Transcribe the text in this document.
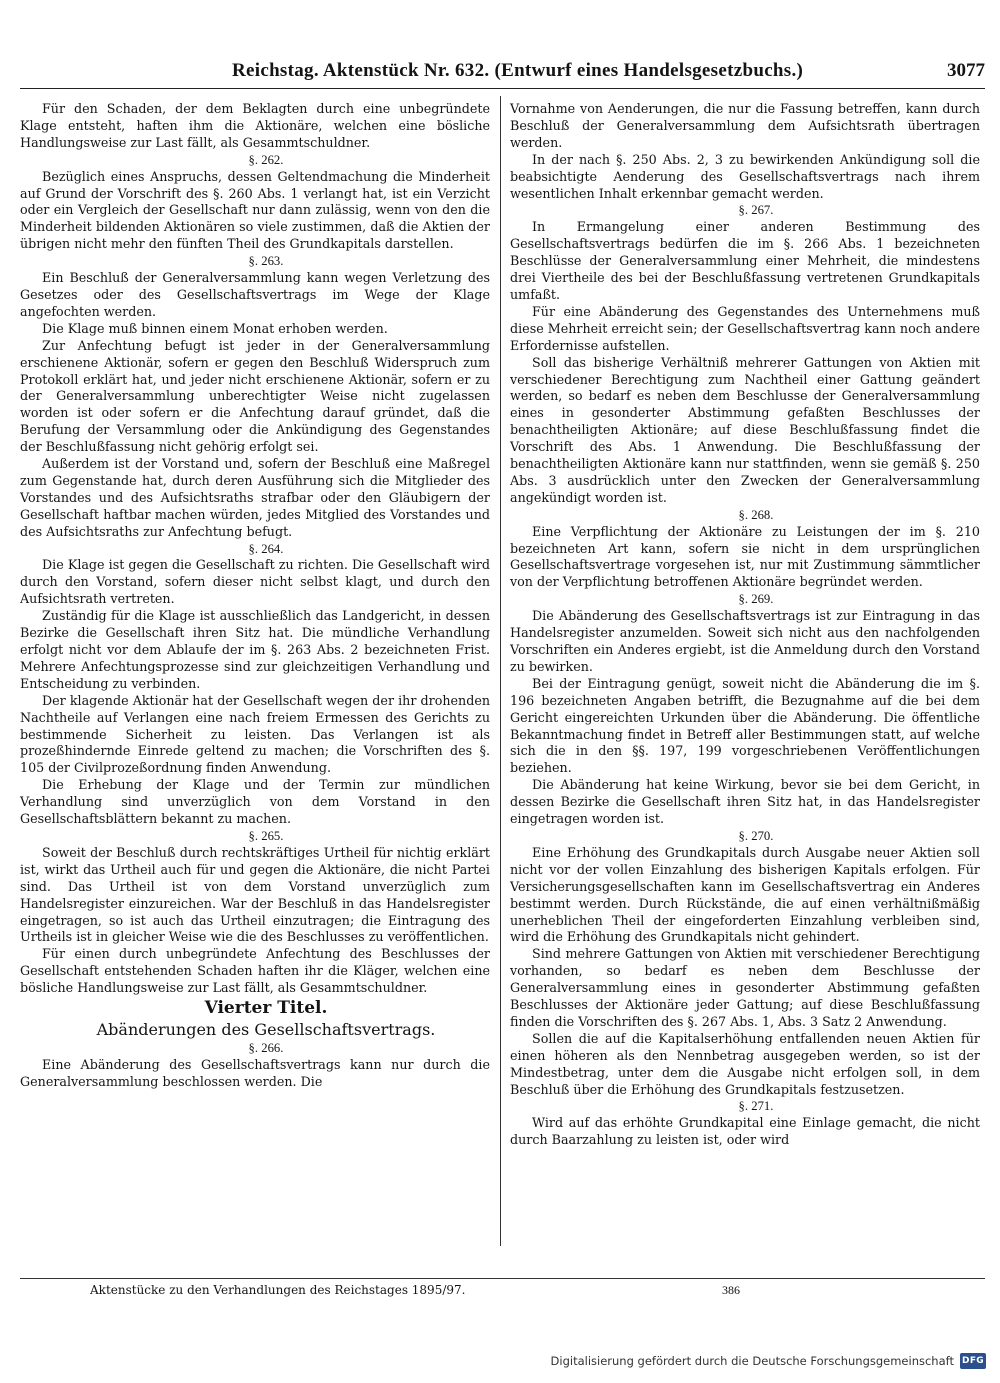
Reichstag. Aktenstück Nr. 632. (Entwurf eines Handelsgesetzbuchs.)	3077

Für den Schaden, der dem Beklagten durch eine unbegründete Klage entsteht, haften ihm die Aktionäre, welchen eine bösliche Handlungsweise zur Last fällt, als Gesammtschuldner.

§. 262.

Bezüglich eines Anspruchs, dessen Geltendmachung die Minderheit auf Grund der Vorschrift des §. 260 Abs. 1 verlangt hat, ist ein Verzicht oder ein Vergleich der Gesellschaft nur dann zulässig, wenn von den die Minderheit bildenden Aktionären so viele zustimmen, daß die Aktien der übrigen nicht mehr den fünften Theil des Grundkapitals darstellen.

§. 263.

Ein Beschluß der Generalversammlung kann wegen Verletzung des Gesetzes oder des Gesellschaftsvertrags im Wege der Klage angefochten werden.

Die Klage muß binnen einem Monat erhoben werden.

Zur Anfechtung befugt ist jeder in der Generalversammlung erschienene Aktionär, sofern er gegen den Beschluß Widerspruch zum Protokoll erklärt hat, und jeder nicht erschienene Aktionär, sofern er zu der Generalversammlung unberechtigter Weise nicht zugelassen worden ist oder sofern er die Anfechtung darauf gründet, daß die Berufung der Versammlung oder die Ankündigung des Gegenstandes der Beschlußfassung nicht gehörig erfolgt sei.

Außerdem ist der Vorstand und, sofern der Beschluß eine Maßregel zum Gegenstande hat, durch deren Ausführung sich die Mitglieder des Vorstandes und des Aufsichtsraths strafbar oder den Gläubigern der Gesellschaft haftbar machen würden, jedes Mitglied des Vorstandes und des Aufsichtsraths zur Anfechtung befugt.

§. 264.

Die Klage ist gegen die Gesellschaft zu richten. Die Gesellschaft wird durch den Vorstand, sofern dieser nicht selbst klagt, und durch den Aufsichtsrath vertreten.

Zuständig für die Klage ist ausschließlich das Landgericht, in dessen Bezirke die Gesellschaft ihren Sitz hat. Die mündliche Verhandlung erfolgt nicht vor dem Ablaufe der im §. 263 Abs. 2 bezeichneten Frist. Mehrere Anfechtungsprozesse sind zur gleichzeitigen Verhandlung und Entscheidung zu verbinden.

Der klagende Aktionär hat der Gesellschaft wegen der ihr drohenden Nachtheile auf Verlangen eine nach freiem Ermessen des Gerichts zu bestimmende Sicherheit zu leisten. Das Verlangen ist als prozeßhindernde Einrede geltend zu machen; die Vorschriften des §. 105 der Civilprozeßordnung finden Anwendung.

Die Erhebung der Klage und der Termin zur mündlichen Verhandlung sind unverzüglich von dem Vorstand in den Gesellschaftsblättern bekannt zu machen.

§. 265.

Soweit der Beschluß durch rechtskräftiges Urtheil für nichtig erklärt ist, wirkt das Urtheil auch für und gegen die Aktionäre, die nicht Partei sind. Das Urtheil ist von dem Vorstand unverzüglich zum Handelsregister einzureichen. War der Beschluß in das Handelsregister eingetragen, so ist auch das Urtheil einzutragen; die Eintragung des Urtheils ist in gleicher Weise wie die des Beschlusses zu veröffentlichen.

Für einen durch unbegründete Anfechtung des Beschlusses der Gesellschaft entstehenden Schaden haften ihr die Kläger, welchen eine bösliche Handlungsweise zur Last fällt, als Gesammtschuldner.

Vierter Titel.

Abänderungen des Gesellschaftsvertrags.

§. 266.

Eine Abänderung des Gesellschaftsvertrags kann nur durch die Generalversammlung beschlossen werden. Die

Vornahme von Aenderungen, die nur die Fassung betreffen, kann durch Beschluß der Generalversammlung dem Aufsichtsrath übertragen werden.

In der nach §. 250 Abs. 2, 3 zu bewirkenden Ankündigung soll die beabsichtigte Aenderung des Gesellschaftsvertrags nach ihrem wesentlichen Inhalt erkennbar gemacht werden.

§. 267.

In Ermangelung einer anderen Bestimmung des Gesellschaftsvertrags bedürfen die im §. 266 Abs. 1 bezeichneten Beschlüsse der Generalversammlung einer Mehrheit, die mindestens drei Viertheile des bei der Beschlußfassung vertretenen Grundkapitals umfaßt.

Für eine Abänderung des Gegenstandes des Unternehmens muß diese Mehrheit erreicht sein; der Gesellschaftsvertrag kann noch andere Erfordernisse aufstellen.

Soll das bisherige Verhältniß mehrerer Gattungen von Aktien mit verschiedener Berechtigung zum Nachtheil einer Gattung geändert werden, so bedarf es neben dem Beschlusse der Generalversammlung eines in gesonderter Abstimmung gefaßten Beschlusses der benachtheiligten Aktionäre; auf diese Beschlußfassung findet die Vorschrift des Abs. 1 Anwendung. Die Beschlußfassung der benachtheiligten Aktionäre kann nur stattfinden, wenn sie gemäß §. 250 Abs. 3 ausdrücklich unter den Zwecken der Generalversammlung angekündigt worden ist.

§. 268.

Eine Verpflichtung der Aktionäre zu Leistungen der im §. 210 bezeichneten Art kann, sofern sie nicht in dem ursprünglichen Gesellschaftsvertrage vorgesehen ist, nur mit Zustimmung sämmtlicher von der Verpflichtung betroffenen Aktionäre begründet werden.

§. 269.

Die Abänderung des Gesellschaftsvertrags ist zur Eintragung in das Handelsregister anzumelden. Soweit sich nicht aus den nachfolgenden Vorschriften ein Anderes ergiebt, ist die Anmeldung durch den Vorstand zu bewirken.

Bei der Eintragung genügt, soweit nicht die Abänderung die im §. 196 bezeichneten Angaben betrifft, die Bezugnahme auf die bei dem Gericht eingereichten Urkunden über die Abänderung. Die öffentliche Bekanntmachung findet in Betreff aller Bestimmungen statt, auf welche sich die in den §§. 197, 199 vorgeschriebenen Veröffentlichungen beziehen.

Die Abänderung hat keine Wirkung, bevor sie bei dem Gericht, in dessen Bezirke die Gesellschaft ihren Sitz hat, in das Handelsregister eingetragen worden ist.

§. 270.

Eine Erhöhung des Grundkapitals durch Ausgabe neuer Aktien soll nicht vor der vollen Einzahlung des bisherigen Kapitals erfolgen. Für Versicherungsgesellschaften kann im Gesellschaftsvertrag ein Anderes bestimmt werden. Durch Rückstände, die auf einen verhältnißmäßig unerheblichen Theil der eingeforderten Einzahlung verbleiben sind, wird die Erhöhung des Grundkapitals nicht gehindert.

Sind mehrere Gattungen von Aktien mit verschiedener Berechtigung vorhanden, so bedarf es neben dem Beschlusse der Generalversammlung eines in gesonderter Abstimmung gefaßten Beschlusses der Aktionäre jeder Gattung; auf diese Beschlußfassung finden die Vorschriften des §. 267 Abs. 1, Abs. 3 Satz 2 Anwendung.

Sollen die auf die Kapitalserhöhung entfallenden neuen Aktien für einen höheren als den Nennbetrag ausgegeben werden, so ist der Mindestbetrag, unter dem die Ausgabe nicht erfolgen soll, in dem Beschluß über die Erhöhung des Grundkapitals festzusetzen.

§. 271.

Wird auf das erhöhte Grundkapital eine Einlage gemacht, die nicht durch Baarzahlung zu leisten ist, oder wird

Aktenstücke zu den Verhandlungen des Reichstages 1895/97.	386
Digitalisierung gefördert durch die Deutsche Forschungsgemeinschaft DFG
